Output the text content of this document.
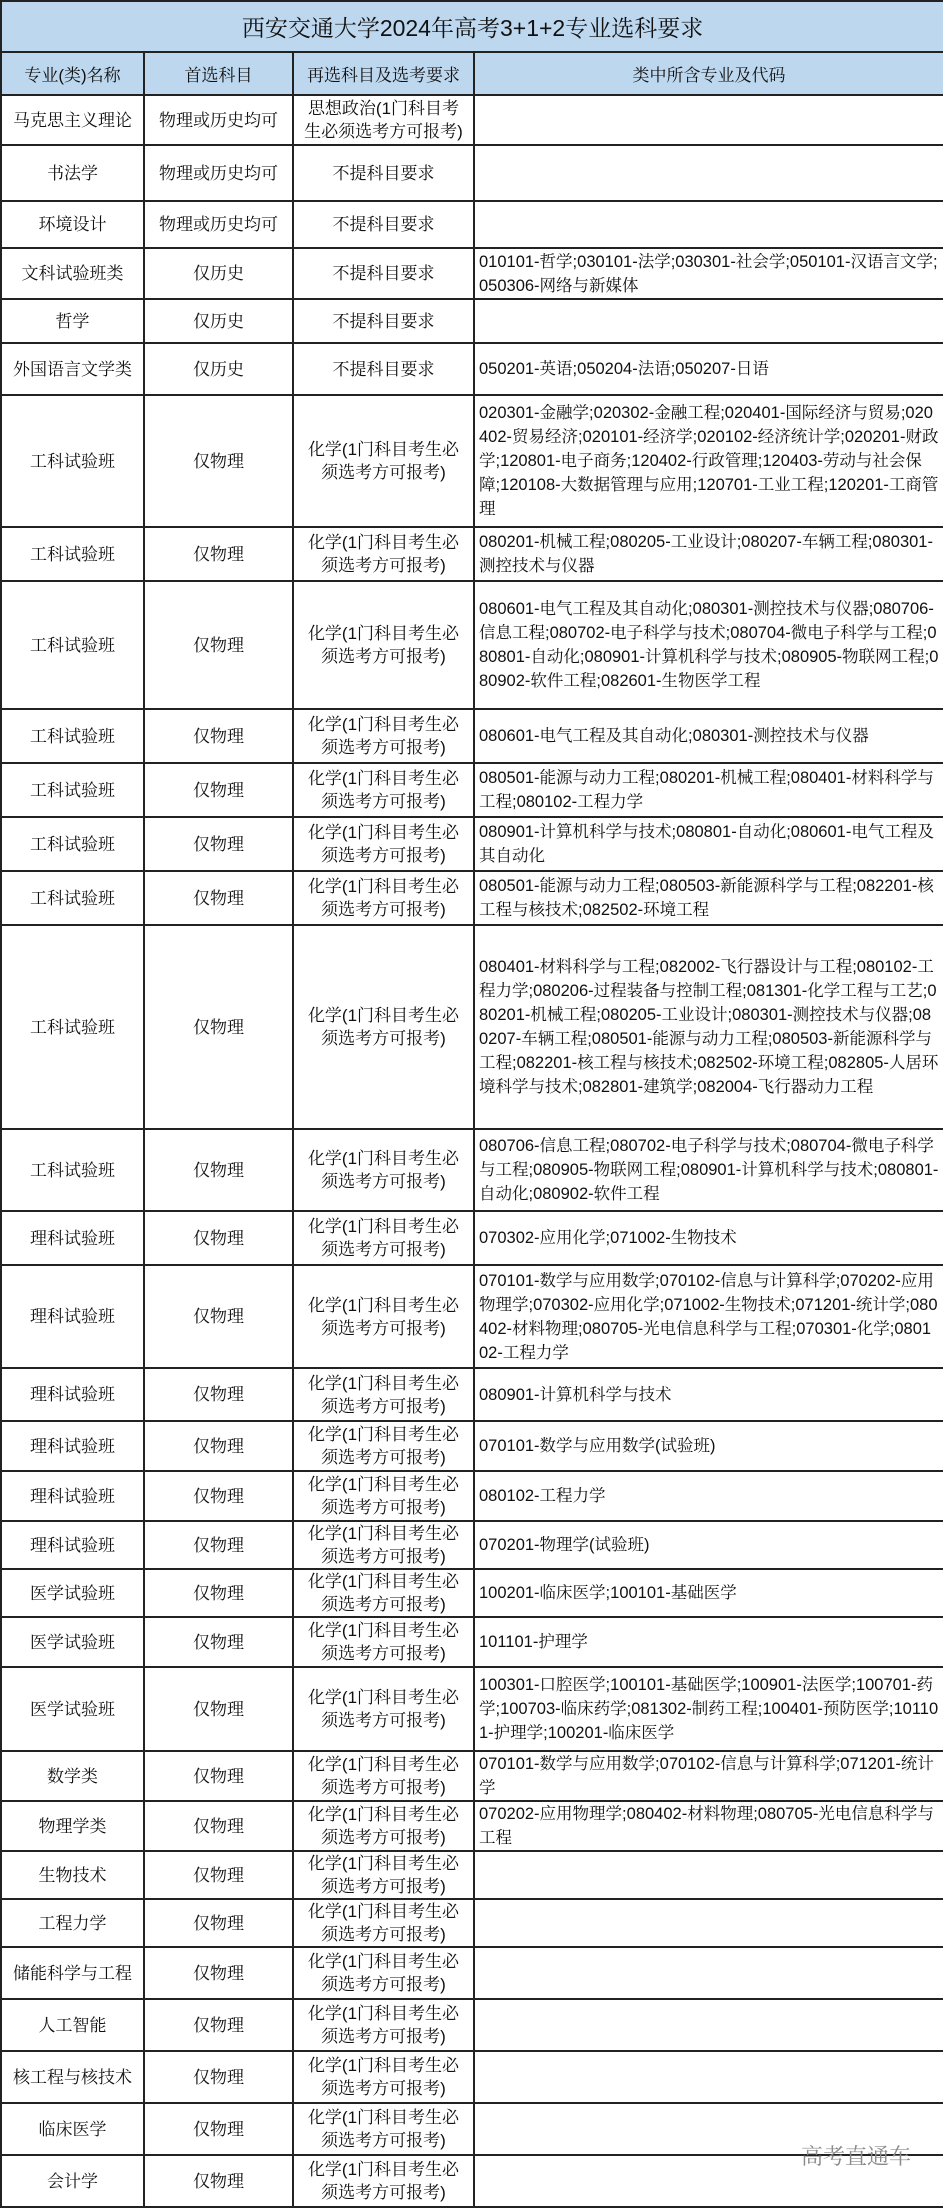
西安交通大学2024年高考3+1+2专业选科要求			
专业(类)名称	首选科目	再选科目及选考要求	类中所含专业及代码
马克思主义理论	物理或历史均可	思想政治(1门科目考生必须选考方可报考)	
书法学	物理或历史均可	不提科目要求	
环境设计	物理或历史均可	不提科目要求	
文科试验班类	仅历史	不提科目要求	010101-哲学;030101-法学;030301-社会学;050101-汉语言文学;050306-网络与新媒体
哲学	仅历史	不提科目要求	
外国语言文学类	仅历史	不提科目要求	050201-英语;050204-法语;050207-日语
工科试验班	仅物理	化学(1门科目考生必须选考方可报考)	020301-金融学;020302-金融工程;020401-国际经济与贸易;020402-贸易经济;020101-经济学;020102-经济统计学;020201-财政学;120801-电子商务;120402-行政管理;120403-劳动与社会保障;120108-大数据管理与应用;120701-工业工程;120201-工商管理
工科试验班	仅物理	化学(1门科目考生必须选考方可报考)	080201-机械工程;080205-工业设计;080207-车辆工程;080301-测控技术与仪器
工科试验班	仅物理	化学(1门科目考生必须选考方可报考)	080601-电气工程及其自动化;080301-测控技术与仪器;080706-信息工程;080702-电子科学与技术;080704-微电子科学与工程;080801-自动化;080901-计算机科学与技术;080905-物联网工程;080902-软件工程;082601-生物医学工程
工科试验班	仅物理	化学(1门科目考生必须选考方可报考)	080601-电气工程及其自动化;080301-测控技术与仪器
工科试验班	仅物理	化学(1门科目考生必须选考方可报考)	080501-能源与动力工程;080201-机械工程;080401-材料科学与工程;080102-工程力学
工科试验班	仅物理	化学(1门科目考生必须选考方可报考)	080901-计算机科学与技术;080801-自动化;080601-电气工程及其自动化
工科试验班	仅物理	化学(1门科目考生必须选考方可报考)	080501-能源与动力工程;080503-新能源科学与工程;082201-核工程与核技术;082502-环境工程
工科试验班	仅物理	化学(1门科目考生必须选考方可报考)	080401-材料科学与工程;082002-飞行器设计与工程;080102-工程力学;080206-过程装备与控制工程;081301-化学工程与工艺;080201-机械工程;080205-工业设计;080301-测控技术与仪器;080207-车辆工程;080501-能源与动力工程;080503-新能源科学与工程;082201-核工程与核技术;082502-环境工程;082805-人居环境科学与技术;082801-建筑学;082004-飞行器动力工程
工科试验班	仅物理	化学(1门科目考生必须选考方可报考)	080706-信息工程;080702-电子科学与技术;080704-微电子科学与工程;080905-物联网工程;080901-计算机科学与技术;080801-自动化;080902-软件工程
理科试验班	仅物理	化学(1门科目考生必须选考方可报考)	070302-应用化学;071002-生物技术
理科试验班	仅物理	化学(1门科目考生必须选考方可报考)	070101-数学与应用数学;070102-信息与计算科学;070202-应用物理学;070302-应用化学;071002-生物技术;071201-统计学;080402-材料物理;080705-光电信息科学与工程;070301-化学;080102-工程力学
理科试验班	仅物理	化学(1门科目考生必须选考方可报考)	080901-计算机科学与技术
理科试验班	仅物理	化学(1门科目考生必须选考方可报考)	070101-数学与应用数学(试验班)
理科试验班	仅物理	化学(1门科目考生必须选考方可报考)	080102-工程力学
理科试验班	仅物理	化学(1门科目考生必须选考方可报考)	070201-物理学(试验班)
医学试验班	仅物理	化学(1门科目考生必须选考方可报考)	100201-临床医学;100101-基础医学
医学试验班	仅物理	化学(1门科目考生必须选考方可报考)	101101-护理学
医学试验班	仅物理	化学(1门科目考生必须选考方可报考)	100301-口腔医学;100101-基础医学;100901-法医学;100701-药学;100703-临床药学;081302-制药工程;100401-预防医学;101101-护理学;100201-临床医学
数学类	仅物理	化学(1门科目考生必须选考方可报考)	070101-数学与应用数学;070102-信息与计算科学;071201-统计学
物理学类	仅物理	化学(1门科目考生必须选考方可报考)	070202-应用物理学;080402-材料物理;080705-光电信息科学与工程
生物技术	仅物理	化学(1门科目考生必须选考方可报考)	
工程力学	仅物理	化学(1门科目考生必须选考方可报考)	
储能科学与工程	仅物理	化学(1门科目考生必须选考方可报考)	
人工智能	仅物理	化学(1门科目考生必须选考方可报考)	
核工程与核技术	仅物理	化学(1门科目考生必须选考方可报考)	
临床医学	仅物理	化学(1门科目考生必须选考方可报考)	
会计学	仅物理	化学(1门科目考生必须选考方可报考)	
高考直通车
